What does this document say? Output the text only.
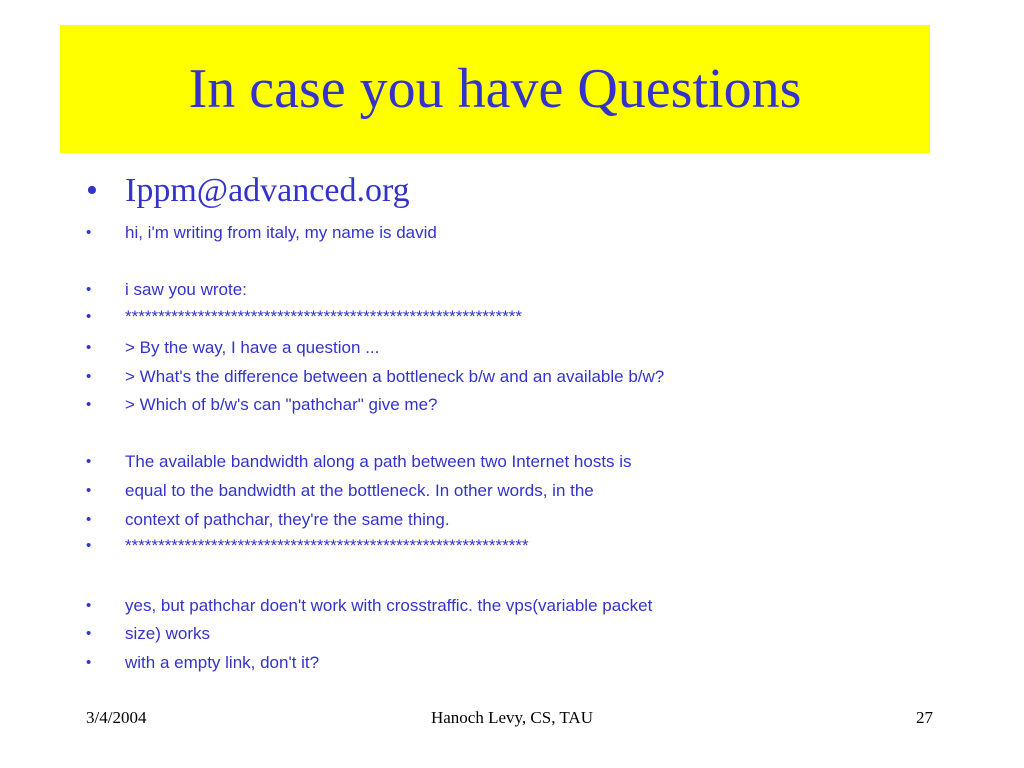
In case you have Questions
• Ippm@advanced.org
• hi, i'm writing from italy, my name is david
• i saw you wrote:
• ************************************************************
• > By the way, I have a question ...
• > What's the difference between a bottleneck b/w and an available b/w?
• > Which of b/w's can "pathchar" give me?
• The available bandwidth along a path between two Internet hosts is
• equal to the bandwidth at the bottleneck. In other words, in the
• context of pathchar, they're the same thing.
• *************************************************************
• yes, but pathchar doen't work with crosstraffic. the vps(variable packet
• size) works
• with a empty link, don't it?
3/4/2004	Hanoch Levy, CS, TAU	27
